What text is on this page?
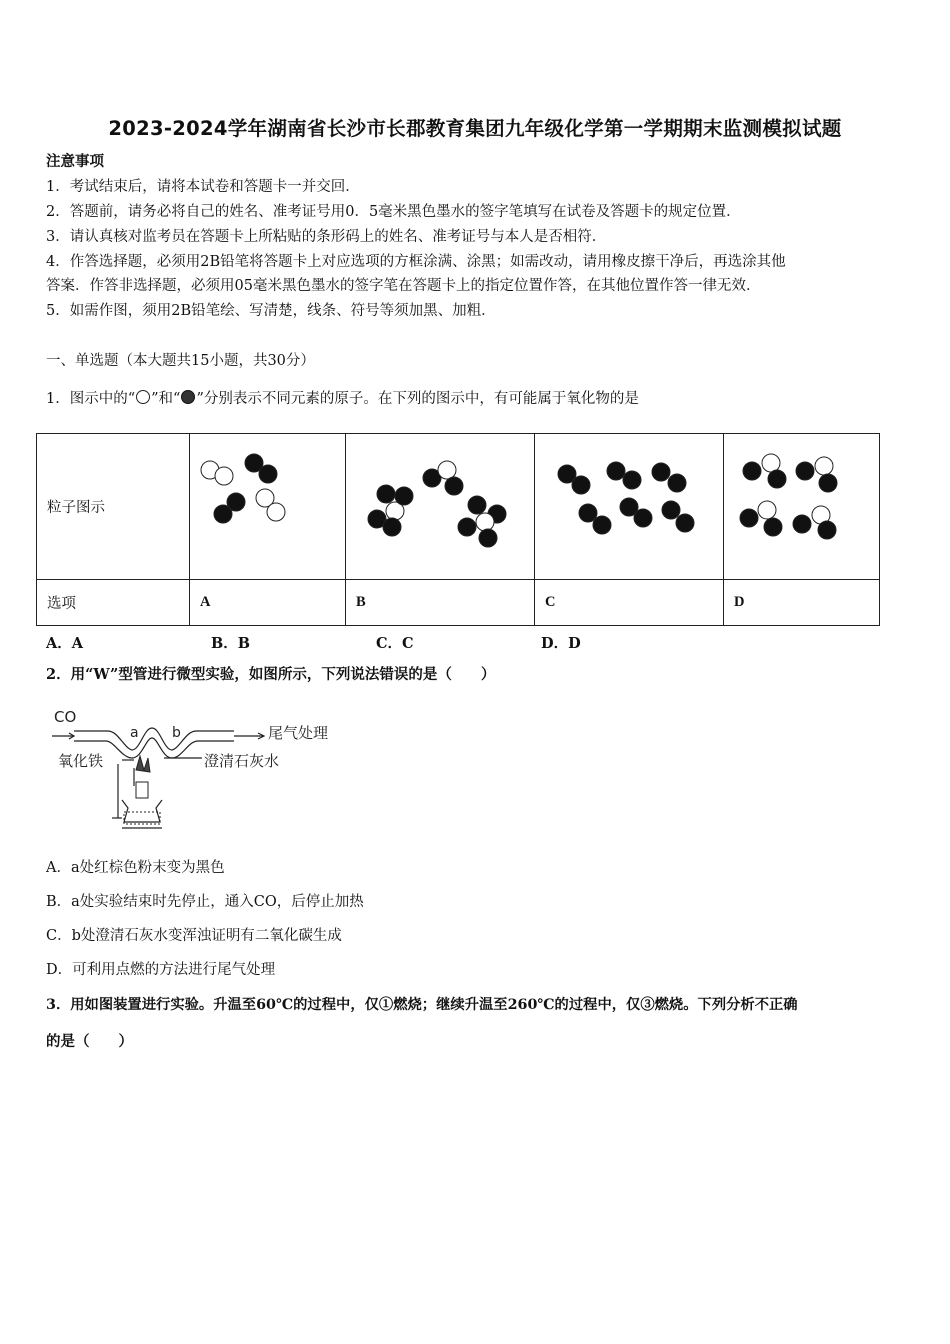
2023-2024学年湖南省长沙市长郡教育集团九年级化学第一学期期末监测模拟试题
注意事项
1．考试结束后，请将本试卷和答题卡一并交回．
2．答题前，请务必将自己的姓名、准考证号用0．5毫米黑色墨水的签字笔填写在试卷及答题卡的规定位置．
3．请认真核对监考员在答题卡上所粘贴的条形码上的姓名、准考证号与本人是否相符．
4．作答选择题，必须用2B铅笔将答题卡上对应选项的方框涂满、涂黑；如需改动，请用橡皮擦干净后，再选涂其他
答案．作答非选择题，必须用05毫米黑色墨水的签字笔在答题卡上的指定位置作答，在其他位置作答一律无效．
5．如需作图，须用2B铅笔绘、写清楚，线条、符号等须加黑、加粗．
一、单选题（本大题共15小题，共30分）
1．图示中的“ ”和“ ”分别表示不同元素的原子。在下列的图示中，有可能属于氧化物的是
粒子图示	

选项	A	B	C	D
A．A	B．B	C．C	D．D
2．用“W”型管进行微型实验，如图所示，下列说法错误的是（　　）
CO
a b	尾气处理
氧化铁	澄清石灰水
A．a处红棕色粉末变为黑色
B．a处实验结束时先停止，通入CO，后停止加热
C．b处澄清石灰水变浑浊证明有二氧化碳生成
D．可利用点燃的方法进行尾气处理
3．用如图装置进行实验。升温至60℃的过程中，仅①燃烧；继续升温至260℃的过程中，仅③燃烧。下列分析不正确
的是（　　）
